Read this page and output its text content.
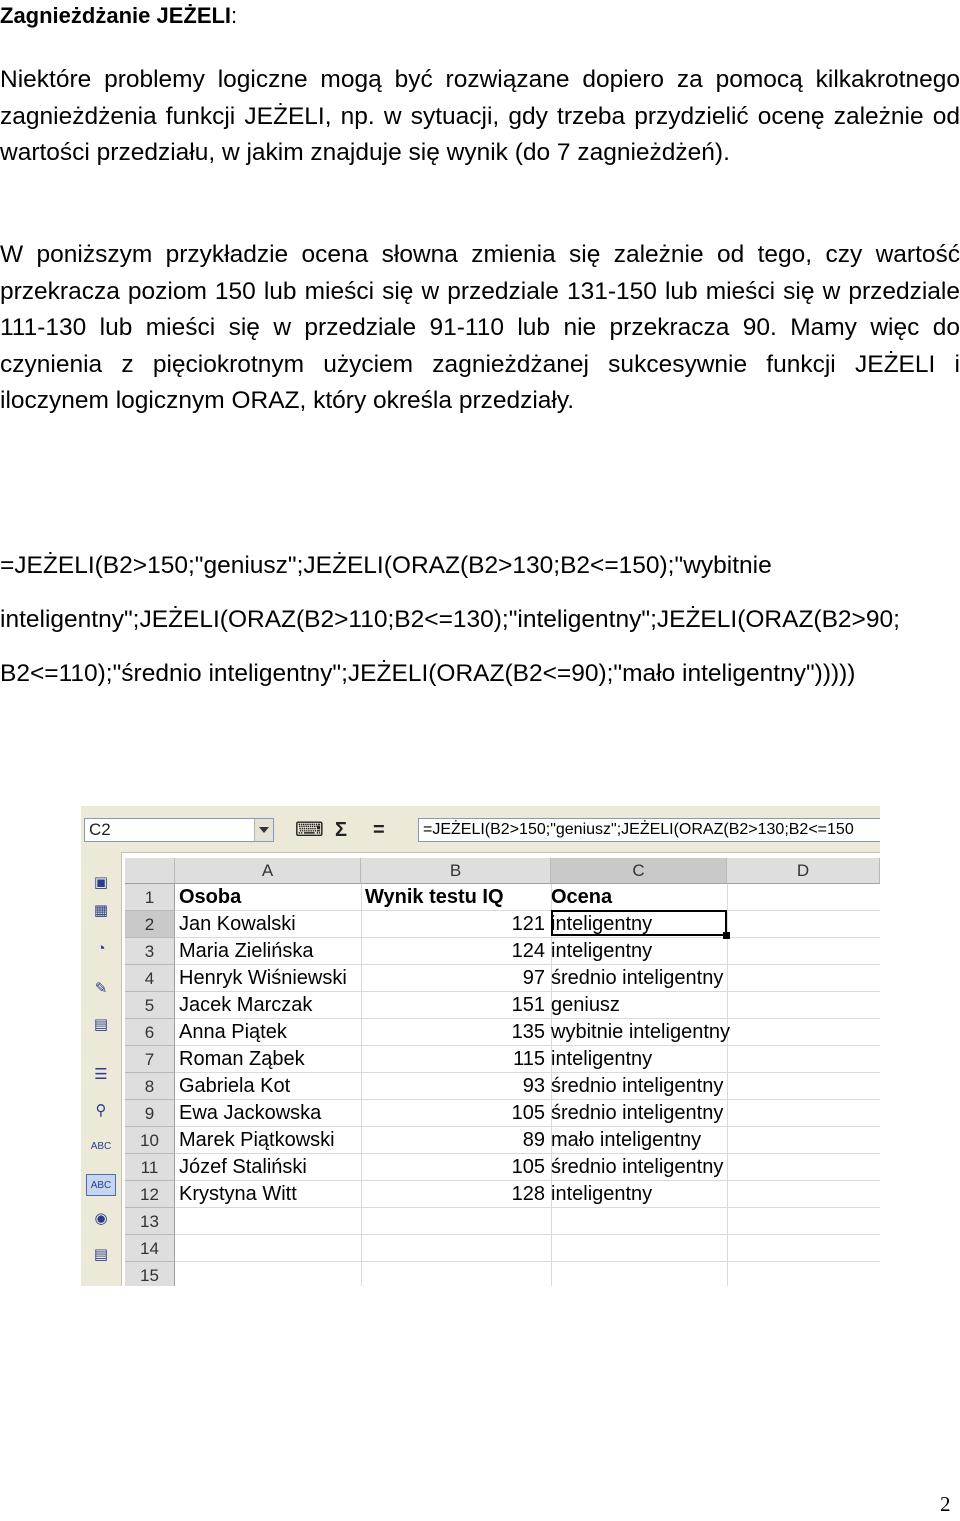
Zagnieżdżanie JEŻELI:

Niektóre problemy logiczne mogą być rozwiązane dopiero za pomocą kilkakrotnego zagnieżdżenia funkcji JEŻELI, np. w sytuacji, gdy trzeba przydzielić ocenę zależnie od wartości przedziału, w jakim znajduje się wynik (do 7 zagnieżdżeń).

W poniższym przykładzie ocena słowna zmienia się zależnie od tego, czy wartość przekracza poziom 150 lub mieści się w przedziale 131-150 lub mieści się w przedziale 111-130 lub mieści się w przedziale 91-110 lub nie przekracza 90. Mamy więc do czynienia z pięciokrotnym użyciem zagnieżdżanej sukcesywnie funkcji JEŻELI i iloczynem logicznym ORAZ, który określa przedziały.

=JEŻELI(B2>150;"geniusz";JEŻELI(ORAZ(B2>130;B2<=150);"wybitnie
inteligentny";JEŻELI(ORAZ(B2>110;B2<=130);"inteligentny";JEŻELI(ORAZ(B2>90;
B2<=110);"średnio inteligentny";JEŻELI(ORAZ(B2<=90);"mało inteligentny")))))
C2	⌨ Σ =	=JEŻELI(B2>150;"geniusz";JEŻELI(ORAZ(B2>130;B2<=150
▣
▦
◔
✎
▤
☰
⚲
ABC
ABC
◉
▤
A	B	C	D
1
2
3
4
5
6
7
8
9
10
11
12
13
14
15
Osoba	Wynik testu IQ	Ocena
Jan Kowalski	121 inteligentny
Maria Zielińska	124 inteligentny
Henryk Wiśniewski	97 średnio inteligentny
Jacek Marczak	151 geniusz
Anna Piątek	135 wybitnie inteligentny
Roman Ząbek	115 inteligentny
Gabriela Kot	93 średnio inteligentny
Ewa Jackowska	105 średnio inteligentny
Marek Piątkowski	89 mało inteligentny
Józef Staliński	105 średnio inteligentny
Krystyna Witt	128 inteligentny
2
